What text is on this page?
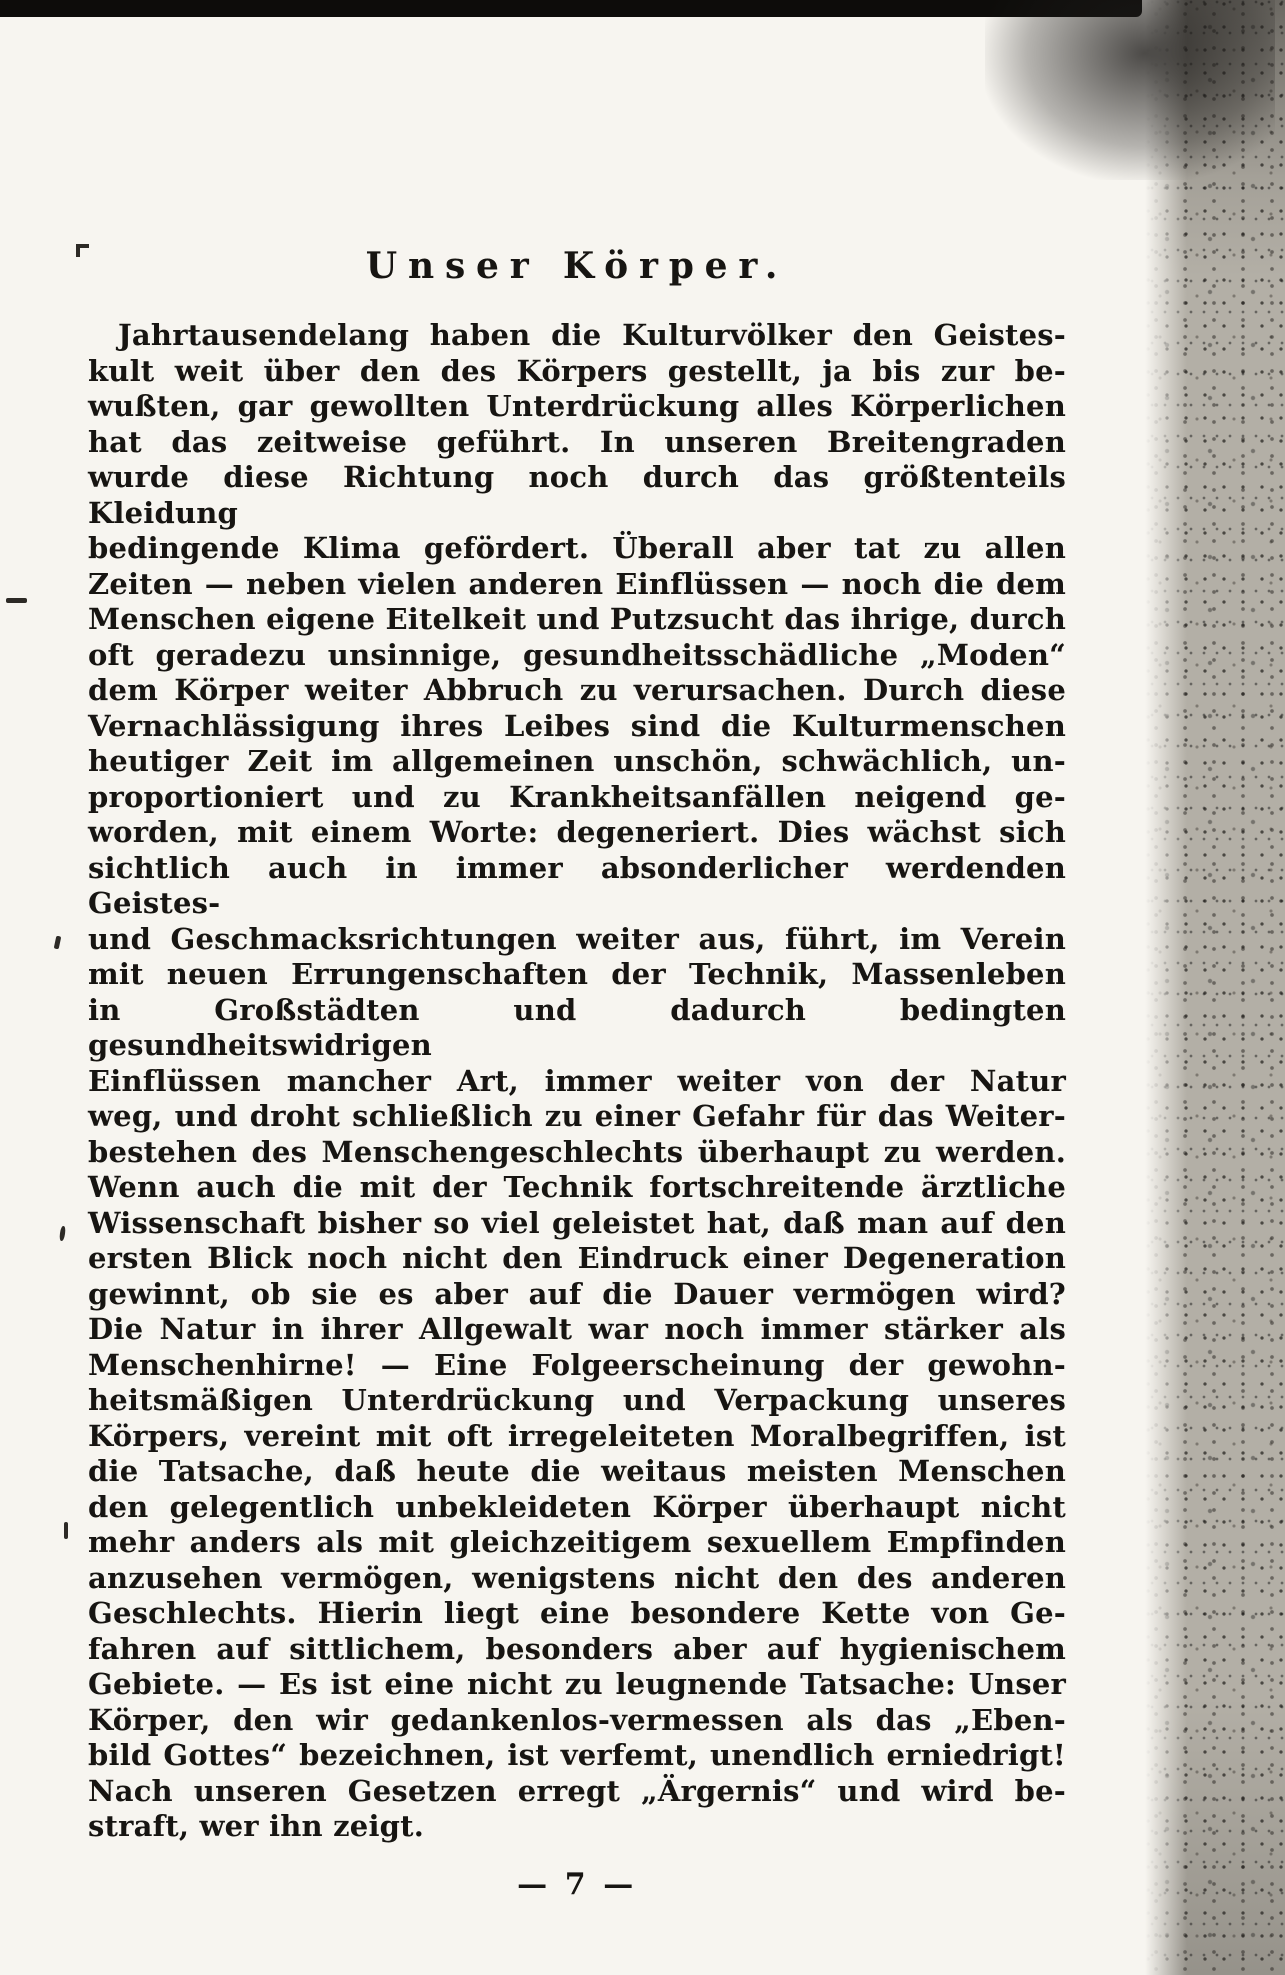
Unser Körper.
Jahrtausendelang haben die Kulturvölker den Geistes-
kult weit über den des Körpers gestellt, ja bis zur be-
wußten, gar gewollten Unterdrückung alles Körperlichen
hat das zeitweise geführt. In unseren Breitengraden
wurde diese Richtung noch durch das größtenteils Kleidung
bedingende Klima gefördert. Überall aber tat zu allen
Zeiten — neben vielen anderen Einflüssen — noch die dem
Menschen eigene Eitelkeit und Putzsucht das ihrige, durch
oft geradezu unsinnige, gesundheitsschädliche „Moden“
dem Körper weiter Abbruch zu verursachen. Durch diese
Vernachlässigung ihres Leibes sind die Kulturmenschen
heutiger Zeit im allgemeinen unschön, schwächlich, un-
proportioniert und zu Krankheitsanfällen neigend ge-
worden, mit einem Worte: degeneriert. Dies wächst sich
sichtlich auch in immer absonderlicher werdenden Geistes-
und Geschmacksrichtungen weiter aus, führt, im Verein
mit neuen Errungenschaften der Technik, Massenleben
in Großstädten und dadurch bedingten gesundheitswidrigen
Einflüssen mancher Art, immer weiter von der Natur
weg, und droht schließlich zu einer Gefahr für das Weiter-
bestehen des Menschengeschlechts überhaupt zu werden.
Wenn auch die mit der Technik fortschreitende ärztliche
Wissenschaft bisher so viel geleistet hat, daß man auf den
ersten Blick noch nicht den Eindruck einer Degeneration
gewinnt, ob sie es aber auf die Dauer vermögen wird?
Die Natur in ihrer Allgewalt war noch immer stärker als
Menschenhirne! — Eine Folgeerscheinung der gewohn-
heitsmäßigen Unterdrückung und Verpackung unseres
Körpers, vereint mit oft irregeleiteten Moralbegriffen, ist
die Tatsache, daß heute die weitaus meisten Menschen
den gelegentlich unbekleideten Körper überhaupt nicht
mehr anders als mit gleichzeitigem sexuellem Empfinden
anzusehen vermögen, wenigstens nicht den des anderen
Geschlechts. Hierin liegt eine besondere Kette von Ge-
fahren auf sittlichem, besonders aber auf hygienischem
Gebiete. — Es ist eine nicht zu leugnende Tatsache: Unser
Körper, den wir gedankenlos-vermessen als das „Eben-
bild Gottes“ bezeichnen, ist verfemt, unendlich erniedrigt!
Nach unseren Gesetzen erregt „Ärgernis“ und wird be-
straft, wer ihn zeigt.
— 7 —
